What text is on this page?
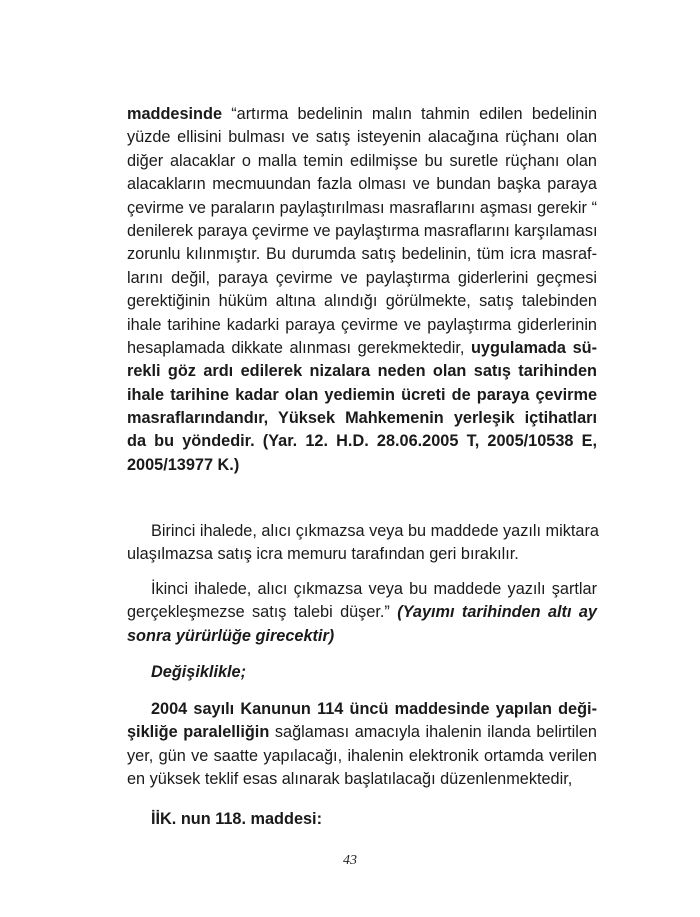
maddesinde “artırma bedelinin malın tahmin edilen bedelinin
yüzde ellisini bulması ve satış isteyenin alacağına rüçhanı olan
diğer alacaklar o malla temin edilmişse bu suretle rüçhanı olan
alacakların mecmuundan fazla olması ve bundan başka paraya
çevirme ve paraların paylaştırılması masraflarını aşması gerekir “
denilerek paraya çevirme ve paylaştırma masraflarını karşılaması
zorunlu kılınmıştır. Bu durumda satış bedelinin, tüm icra masraf-
larını değil, paraya çevirme ve paylaştırma giderlerini geçmesi
gerektiğinin hüküm altına alındığı görülmekte, satış talebinden
ihale tarihine kadarki paraya çevirme ve paylaştırma giderlerinin
hesaplamada dikkate alınması gerekmektedir, uygulamada sü-
rekli göz ardı edilerek nizalara neden olan satış tarihinden
ihale tarihine kadar olan yediemin ücreti de paraya çevirme
masraflarındandır, Yüksek Mahkemenin yerleşik içtihatları
da bu yöndedir. (Yar. 12. H.D. 28.06.2005 T, 2005/10538 E,
2005/13977 K.)
Birinci ihalede, alıcı çıkmazsa veya bu maddede yazılı miktara
ulaşılmazsa satış icra memuru tarafından geri bırakılır.
İkinci ihalede, alıcı çıkmazsa veya bu maddede yazılı şartlar
gerçekleşmezse satış talebi düşer.” (Yayımı tarihinden altı ay
sonra yürürlüğe girecektir)
Değişiklikle;
2004 sayılı Kanunun 114 üncü maddesinde yapılan deği-
şikliğe paralelliğin sağlaması amacıyla ihalenin ilanda belirtilen
yer, gün ve saatte yapılacağı, ihalenin elektronik ortamda verilen
en yüksek teklif esas alınarak başlatılacağı düzenlenmektedir,
İİK. nun 118. maddesi:
43
